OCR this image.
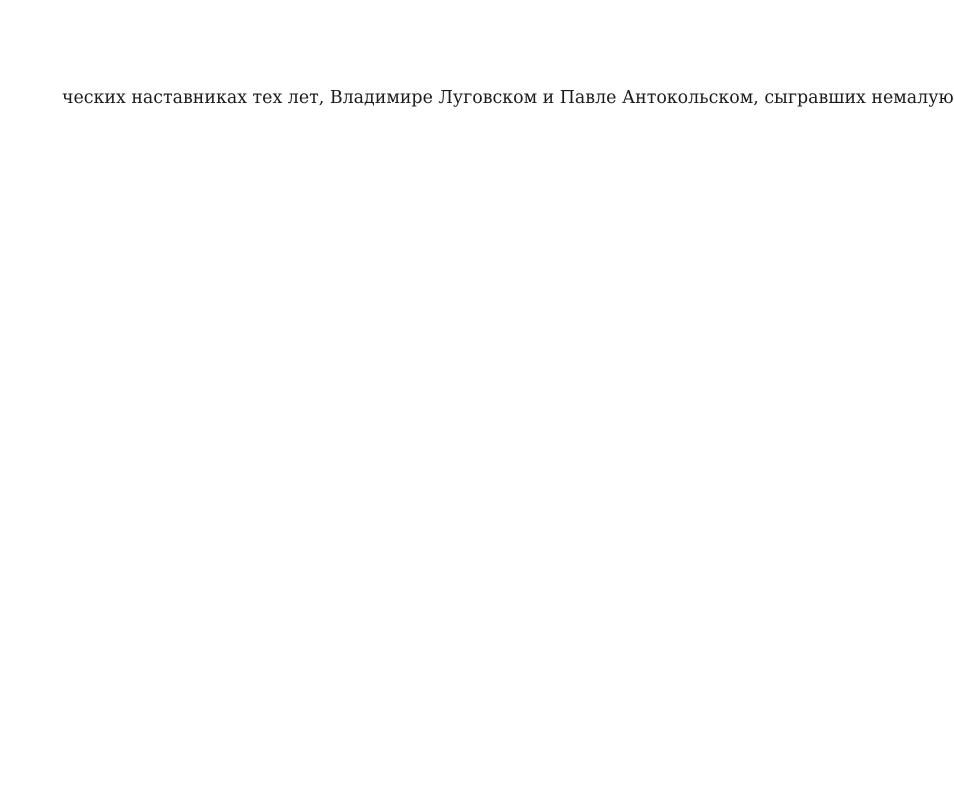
ческих наставниках тех лет, Владимире Луговском и Павле Антокольском, сыгравших немалую
